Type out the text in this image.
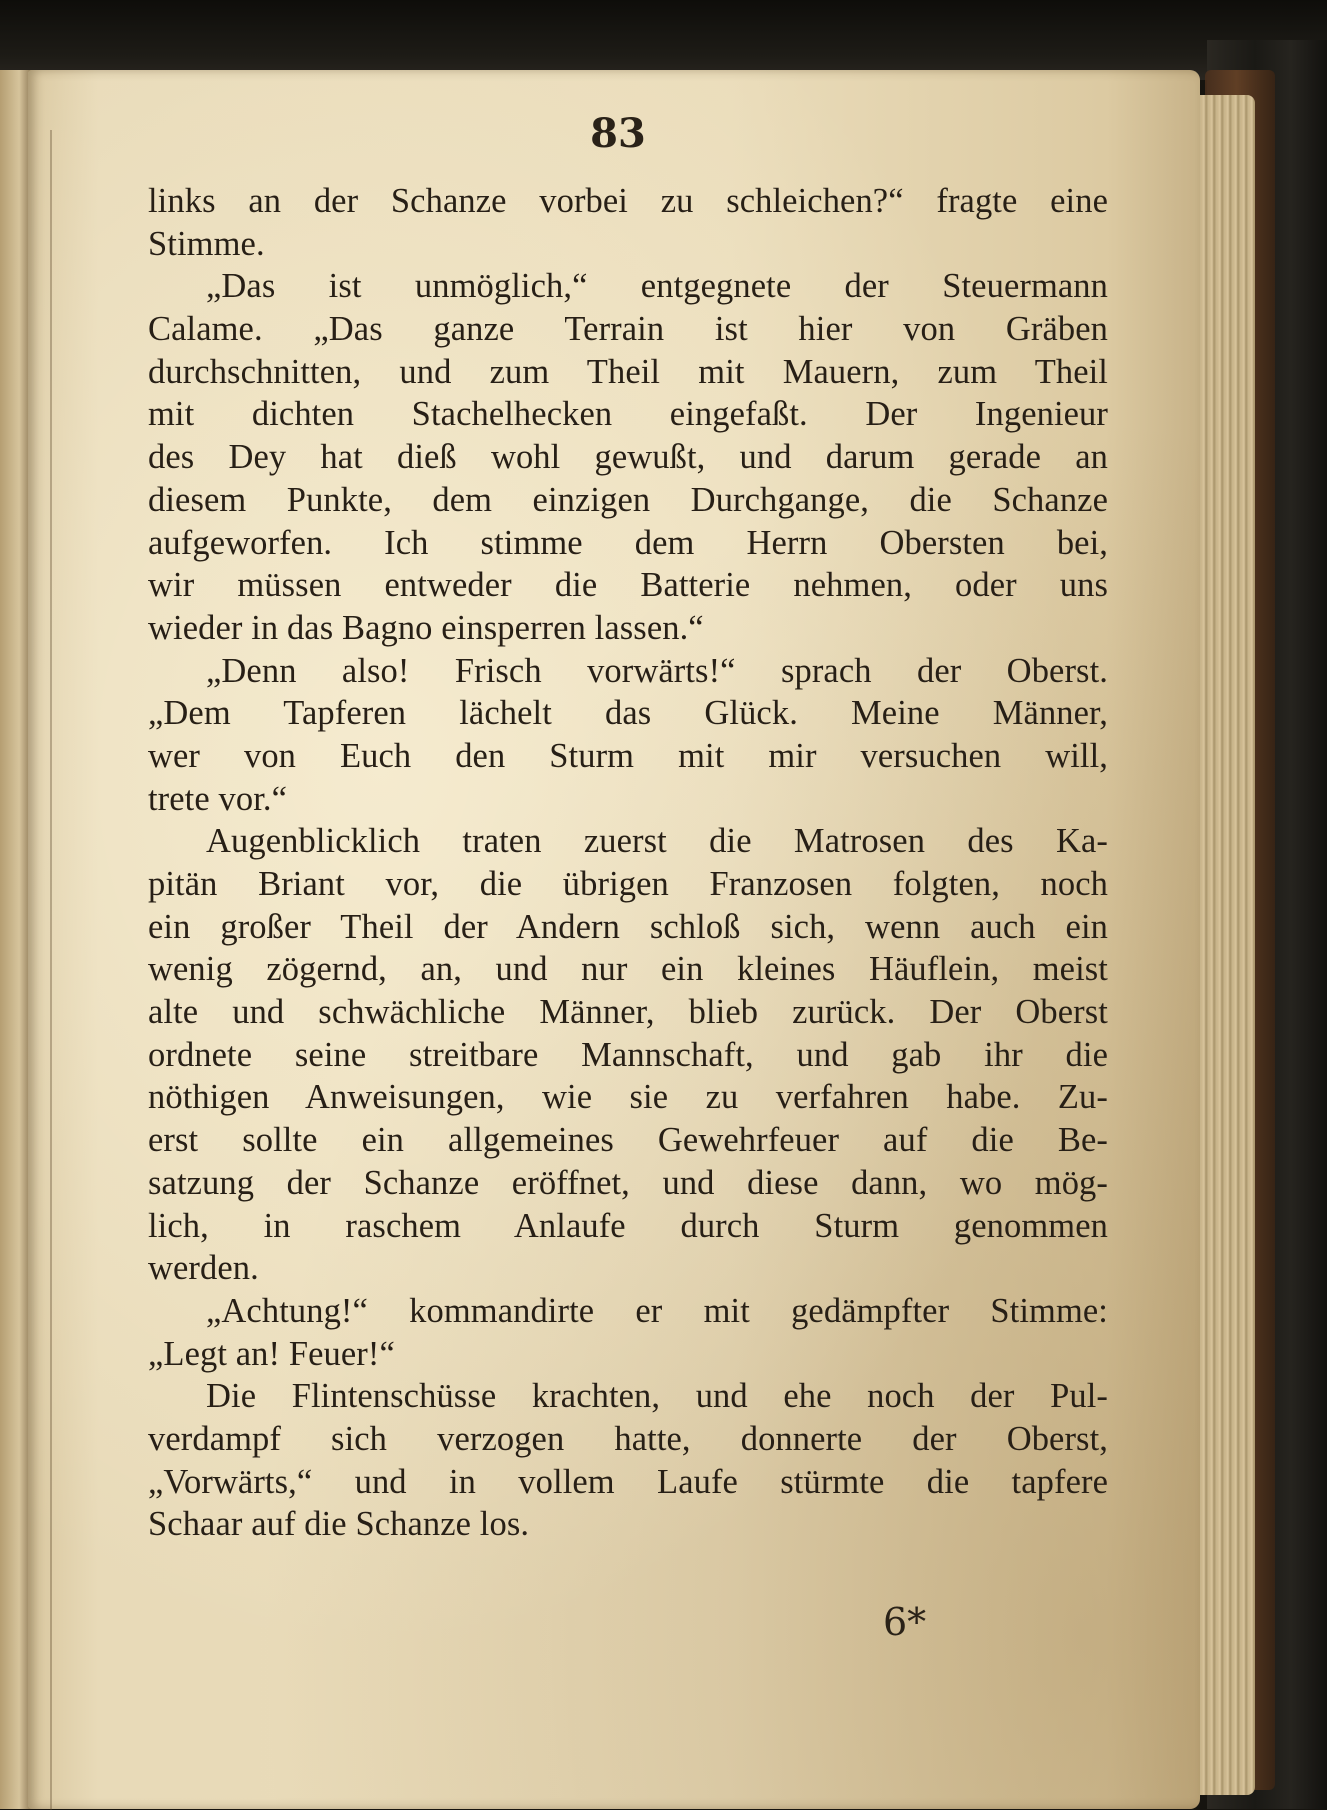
83
links an der Schanze vorbei zu schleichen?“ fragte eine
Stimme.
„Das ist unmöglich,“ entgegnete der Steuermann
Calame. „Das ganze Terrain ist hier von Gräben
durchschnitten, und zum Theil mit Mauern, zum Theil
mit dichten Stachelhecken eingefaßt. Der Ingenieur
des Dey hat dieß wohl gewußt, und darum gerade an
diesem Punkte, dem einzigen Durchgange, die Schanze
aufgeworfen. Ich stimme dem Herrn Obersten bei,
wir müssen entweder die Batterie nehmen, oder uns
wieder in das Bagno einsperren lassen.“
„Denn also! Frisch vorwärts!“ sprach der Oberst.
„Dem Tapferen lächelt das Glück. Meine Männer,
wer von Euch den Sturm mit mir versuchen will,
trete vor.“
Augenblicklich traten zuerst die Matrosen des Ka-
pitän Briant vor, die übrigen Franzosen folgten, noch
ein großer Theil der Andern schloß sich, wenn auch ein
wenig zögernd, an, und nur ein kleines Häuflein, meist
alte und schwächliche Männer, blieb zurück. Der Oberst
ordnete seine streitbare Mannschaft, und gab ihr die
nöthigen Anweisungen, wie sie zu verfahren habe. Zu-
erst sollte ein allgemeines Gewehrfeuer auf die Be-
satzung der Schanze eröffnet, und diese dann, wo mög-
lich, in raschem Anlaufe durch Sturm genommen
werden.
„Achtung!“ kommandirte er mit gedämpfter Stimme:
„Legt an! Feuer!“
Die Flintenschüsse krachten, und ehe noch der Pul-
verdampf sich verzogen hatte, donnerte der Oberst,
„Vorwärts,“ und in vollem Laufe stürmte die tapfere
Schaar auf die Schanze los.
6*
